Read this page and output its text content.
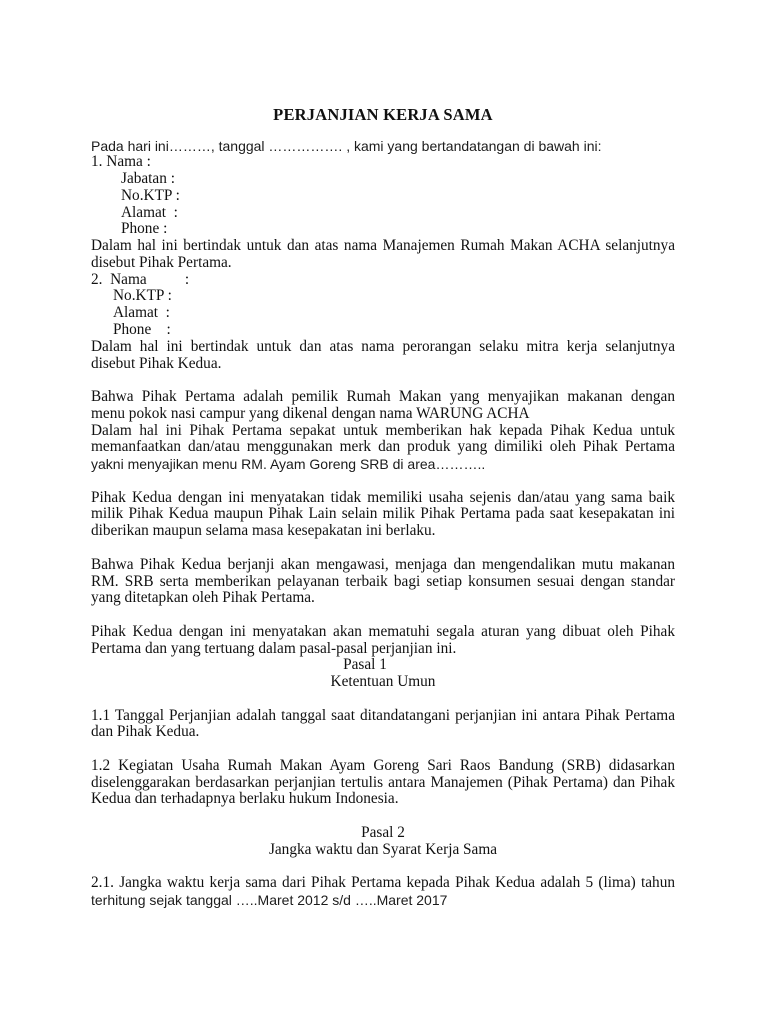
PERJANJIAN KERJA SAMA
Pada hari ini………, tanggal ……………. , kami yang bertandatangan di bawah ini:
1. Nama :
Jabatan :
No.KTP :
Alamat  :
Phone :
Dalam hal ini bertindak untuk dan atas nama Manajemen Rumah Makan ACHA selanjutnya
disebut Pihak Pertama.
2.  Nama          :
No.KTP :
Alamat  :
Phone    :
Dalam hal ini bertindak untuk dan atas nama perorangan selaku mitra kerja selanjutnya
disebut Pihak Kedua.
Bahwa Pihak Pertama adalah pemilik Rumah Makan yang menyajikan makanan dengan
menu pokok nasi campur yang dikenal dengan nama WARUNG ACHA
Dalam hal ini Pihak Pertama sepakat untuk memberikan hak kepada Pihak Kedua untuk
memanfaatkan dan/atau menggunakan merk dan produk yang dimiliki oleh Pihak Pertama
yakni menyajikan menu RM. Ayam Goreng SRB di area………..
Pihak Kedua dengan ini menyatakan tidak memiliki usaha sejenis dan/atau yang sama baik
milik Pihak Kedua maupun Pihak Lain selain milik Pihak Pertama pada saat kesepakatan ini
diberikan maupun selama masa kesepakatan ini berlaku.
Bahwa Pihak Kedua berjanji akan mengawasi, menjaga dan mengendalikan mutu makanan
RM. SRB serta memberikan pelayanan terbaik bagi setiap konsumen sesuai dengan standar
yang ditetapkan oleh Pihak Pertama.
Pihak Kedua dengan ini menyatakan akan mematuhi segala aturan yang dibuat oleh Pihak
Pertama dan yang tertuang dalam pasal-pasal perjanjian ini.
Pasal 1
Ketentuan Umun
1.1 Tanggal Perjanjian adalah tanggal saat ditandatangani perjanjian ini antara Pihak Pertama
dan Pihak Kedua.
1.2 Kegiatan Usaha Rumah Makan Ayam Goreng Sari Raos Bandung (SRB) didasarkan
diselenggarakan berdasarkan perjanjian tertulis antara Manajemen (Pihak Pertama) dan Pihak
Kedua dan terhadapnya berlaku hukum Indonesia.
Pasal 2
Jangka waktu dan Syarat Kerja Sama
2.1. Jangka waktu kerja sama dari Pihak Pertama kepada Pihak Kedua adalah 5 (lima) tahun
terhitung sejak tanggal …..Maret 2012 s/d …..Maret 2017
